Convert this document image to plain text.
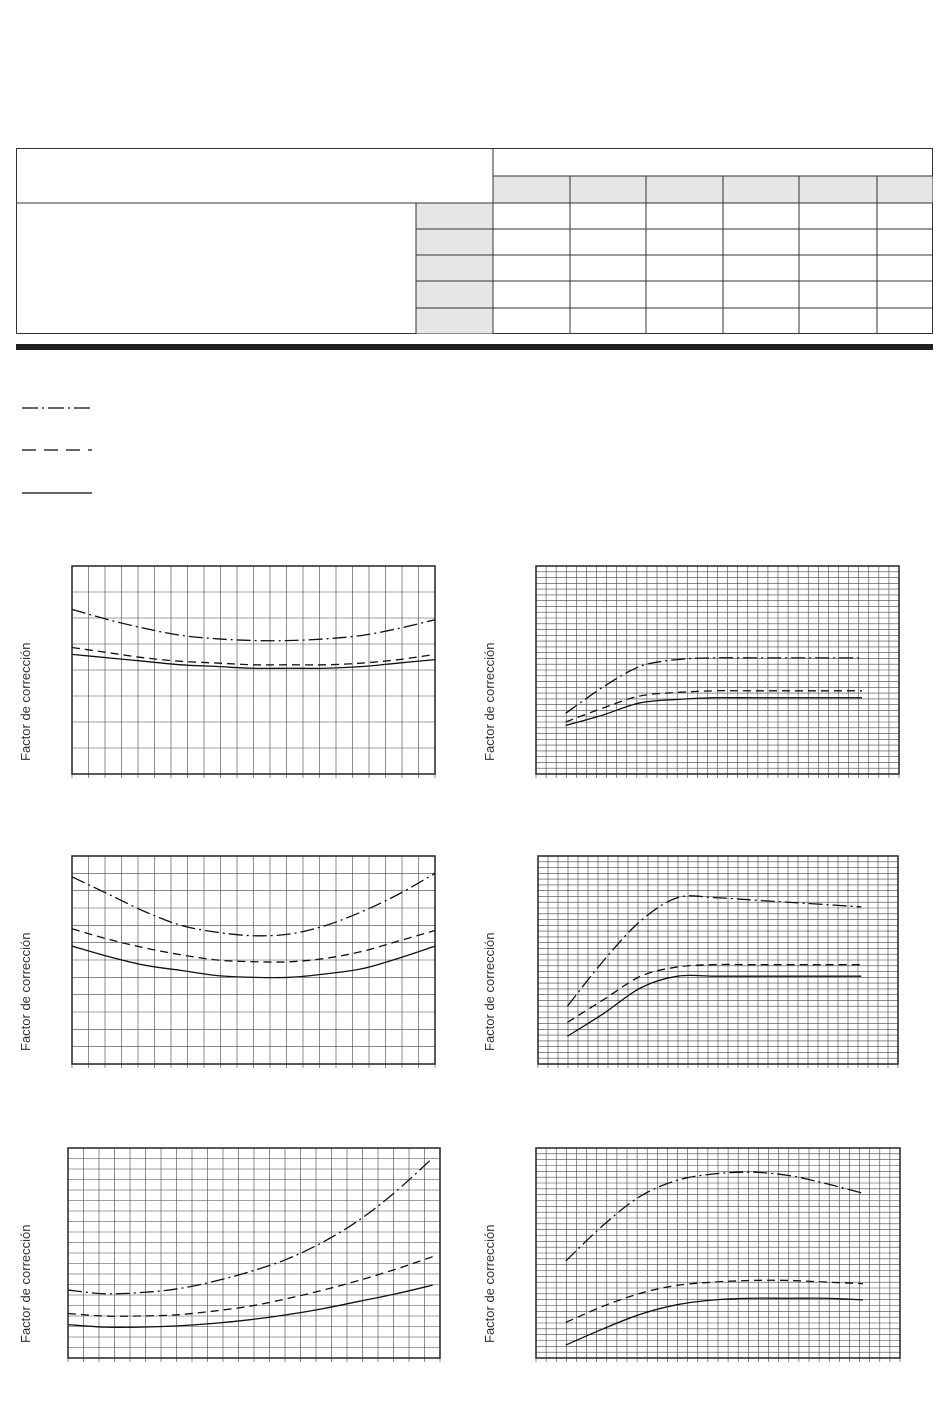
Factor de corrección	Factor de corrección
Factor de corrección	Factor de corrección
Factor de corrección	Factor de corrección
